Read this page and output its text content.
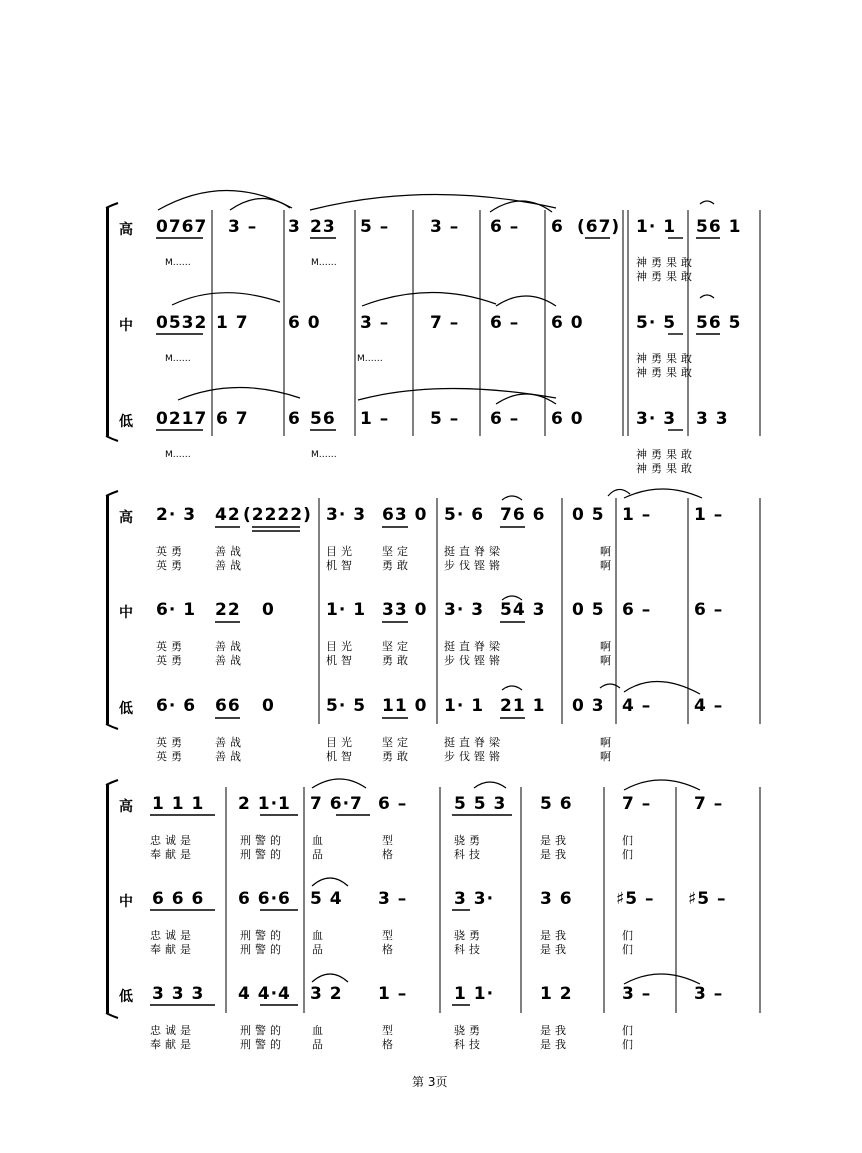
高 0767 3 – 3 23 5 – 3 – 6 – 6 (67) 1· 1 56 1
M……	M……	神勇果敢
神勇果敢
中 0532 1 7 6 0 3 – 7 – 6 – 6 0	5· 5 56 5
M……	M……	神勇果敢
神勇果敢
低 0217 6 7 6 56 1 – 5 – 6 – 6 0	3· 3 3 3
M……	M……	神勇果敢
神勇果敢
高 2· 3 42 (2222) 3· 3 63 0 5· 6 76 6 0 5 1 –	1 –
英勇	善战	目光 坚定	挺直脊梁	啊
英勇	善战	机智 勇敢	步伐铿锵	啊
中 6· 1 22 0	1· 1 33 0 3· 3 54 3 0 5 6 –	6 –
英勇	善战	目光 坚定	挺直脊梁	啊
英勇	善战	机智 勇敢	步伐铿锵	啊
低 6· 6 66 0	5· 5 11 0 1· 1 21 1 0 3 4 –	4 –
英勇	善战	目光 坚定	挺直脊梁	啊
英勇	善战	机智 勇敢	步伐铿锵	啊
高 1 1 1 2 1·1 7 6·7 6 –	5 5 3 5 6	7 –	7 –
忠诚是	刑警的 血	型	骁勇	是我	们
奉献是	刑警的 品	格	科技	是我	们
中 6 6 6 6 6·6 5 4 3 –	3 3·	3 6	♯5 – ♯5 –
忠诚是	刑警的 血	型	骁勇	是我	们
奉献是	刑警的 品	格	科技	是我	们
低 3 3 3 4 4·4 3 2 1 –	1 1·	1 2	3 –	3 –
忠诚是	刑警的 血	型	骁勇	是我	们
奉献是	刑警的 品	格	科技	是我	们
第 3页
